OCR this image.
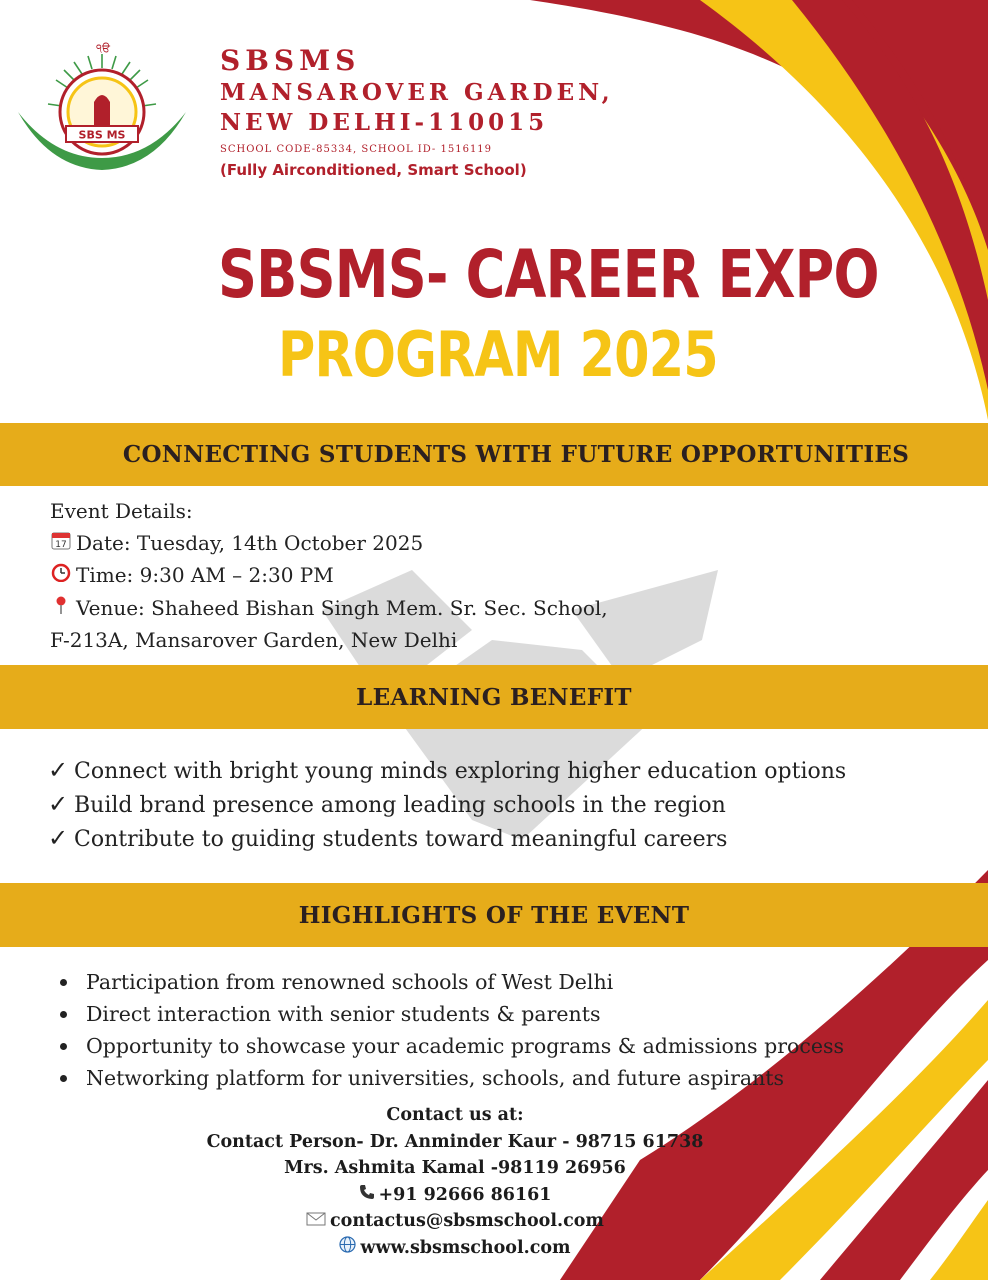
੧ੳ
SBS MS
SBSMS
MANSAROVER GARDEN,
NEW DELHI-110015
SCHOOL CODE-85334, SCHOOL ID- 1516119
(Fully Airconditioned, Smart School)
SBSMS- CAREER EXPO
PROGRAM 2025
CONNECTING STUDENTS WITH FUTURE OPPORTUNITIES
Event Details:
17 Date: Tuesday, 14th October 2025
Time: 9:30 AM – 2:30 PM
Venue: Shaheed Bishan Singh Mem. Sr. Sec. School,
F-213A, Mansarover Garden, New Delhi
LEARNING BENEFIT
✓ Connect with bright young minds exploring higher education options
✓ Build brand presence among leading schools in the region
✓ Contribute to guiding students toward meaningful careers
HIGHLIGHTS OF THE EVENT
Participation from renowned schools of West Delhi
Direct interaction with senior students & parents
Opportunity to showcase your academic programs & admissions process
Networking platform for universities, schools, and future aspirants
Contact us at:
Contact Person- Dr. Anminder Kaur - 98715 61738
Mrs. Ashmita Kamal -98119 26956
+91 92666 86161
contactus@sbsmschool.com
www.sbsmschool.com
